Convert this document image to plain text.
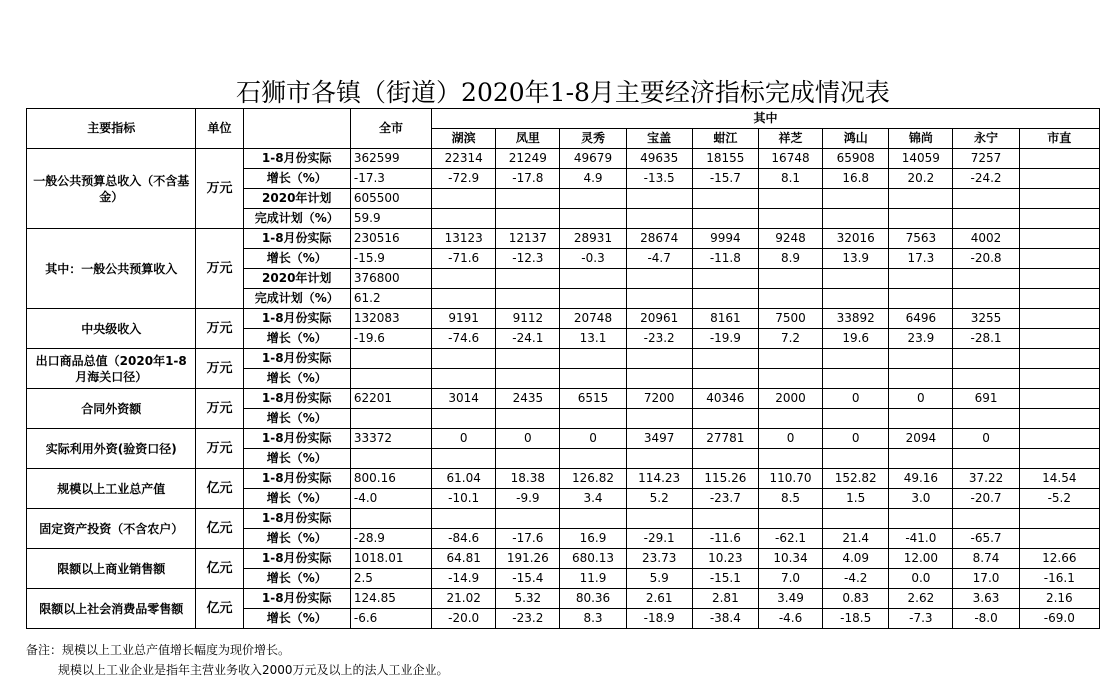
石狮市各镇（街道）2020年1-8月主要经济指标完成情况表
主要指标	单位		全市	其中									
				湖滨	凤里	灵秀	宝盖	蚶江	祥芝	鸿山	锦尚	永宁	市直
一般公共预算总收入（不含基金）	万元	1-8月份实际	362599	22314	21249	49679	49635	18155	16748	65908	14059	7257	
		增长（%）	-17.3	-72.9	-17.8	4.9	-13.5	-15.7	8.1	16.8	20.2	-24.2	
		2020年计划	605500										
		完成计划（%）	59.9										
其中：一般公共预算收入	万元	1-8月份实际	230516	13123	12137	28931	28674	9994	9248	32016	7563	4002	
		增长（%）	-15.9	-71.6	-12.3	-0.3	-4.7	-11.8	8.9	13.9	17.3	-20.8	
		2020年计划	376800										
		完成计划（%）	61.2										
中央级收入	万元	1-8月份实际	132083	9191	9112	20748	20961	8161	7500	33892	6496	3255	
		增长（%）	-19.6	-74.6	-24.1	13.1	-23.2	-19.9	7.2	19.6	23.9	-28.1	
出口商品总值（2020年1-8月海关口径）	万元	1-8月份实际											
		增长（%）											
合同外资额	万元	1-8月份实际	62201	3014	2435	6515	7200	40346	2000	0	0	691	
		增长（%）											
实际利用外资(验资口径)	万元	1-8月份实际	33372	0	0	0	3497	27781	0	0	2094	0	
		增长（%）											
规模以上工业总产值	亿元	1-8月份实际	800.16	61.04	18.38	126.82	114.23	115.26	110.70	152.82	49.16	37.22	14.54
		增长（%）	-4.0	-10.1	-9.9	3.4	5.2	-23.7	8.5	1.5	3.0	-20.7	-5.2
固定资产投资（不含农户）	亿元	1-8月份实际											
		增长（%）	-28.9	-84.6	-17.6	16.9	-29.1	-11.6	-62.1	21.4	-41.0	-65.7	
限额以上商业销售额	亿元	1-8月份实际	1018.01	64.81	191.26	680.13	23.73	10.23	10.34	4.09	12.00	8.74	12.66
		增长（%）	2.5	-14.9	-15.4	11.9	5.9	-15.1	7.0	-4.2	0.0	17.0	-16.1
限额以上社会消费品零售额	亿元	1-8月份实际	124.85	21.02	5.32	80.36	2.61	2.81	3.49	0.83	2.62	3.63	2.16
		增长（%）	-6.6	-20.0	-23.2	8.3	-18.9	-38.4	-4.6	-18.5	-7.3	-8.0	-69.0
备注：规模以上工业总产值增长幅度为现价增长。
规模以上工业企业是指年主营业务收入2000万元及以上的法人工业企业。
